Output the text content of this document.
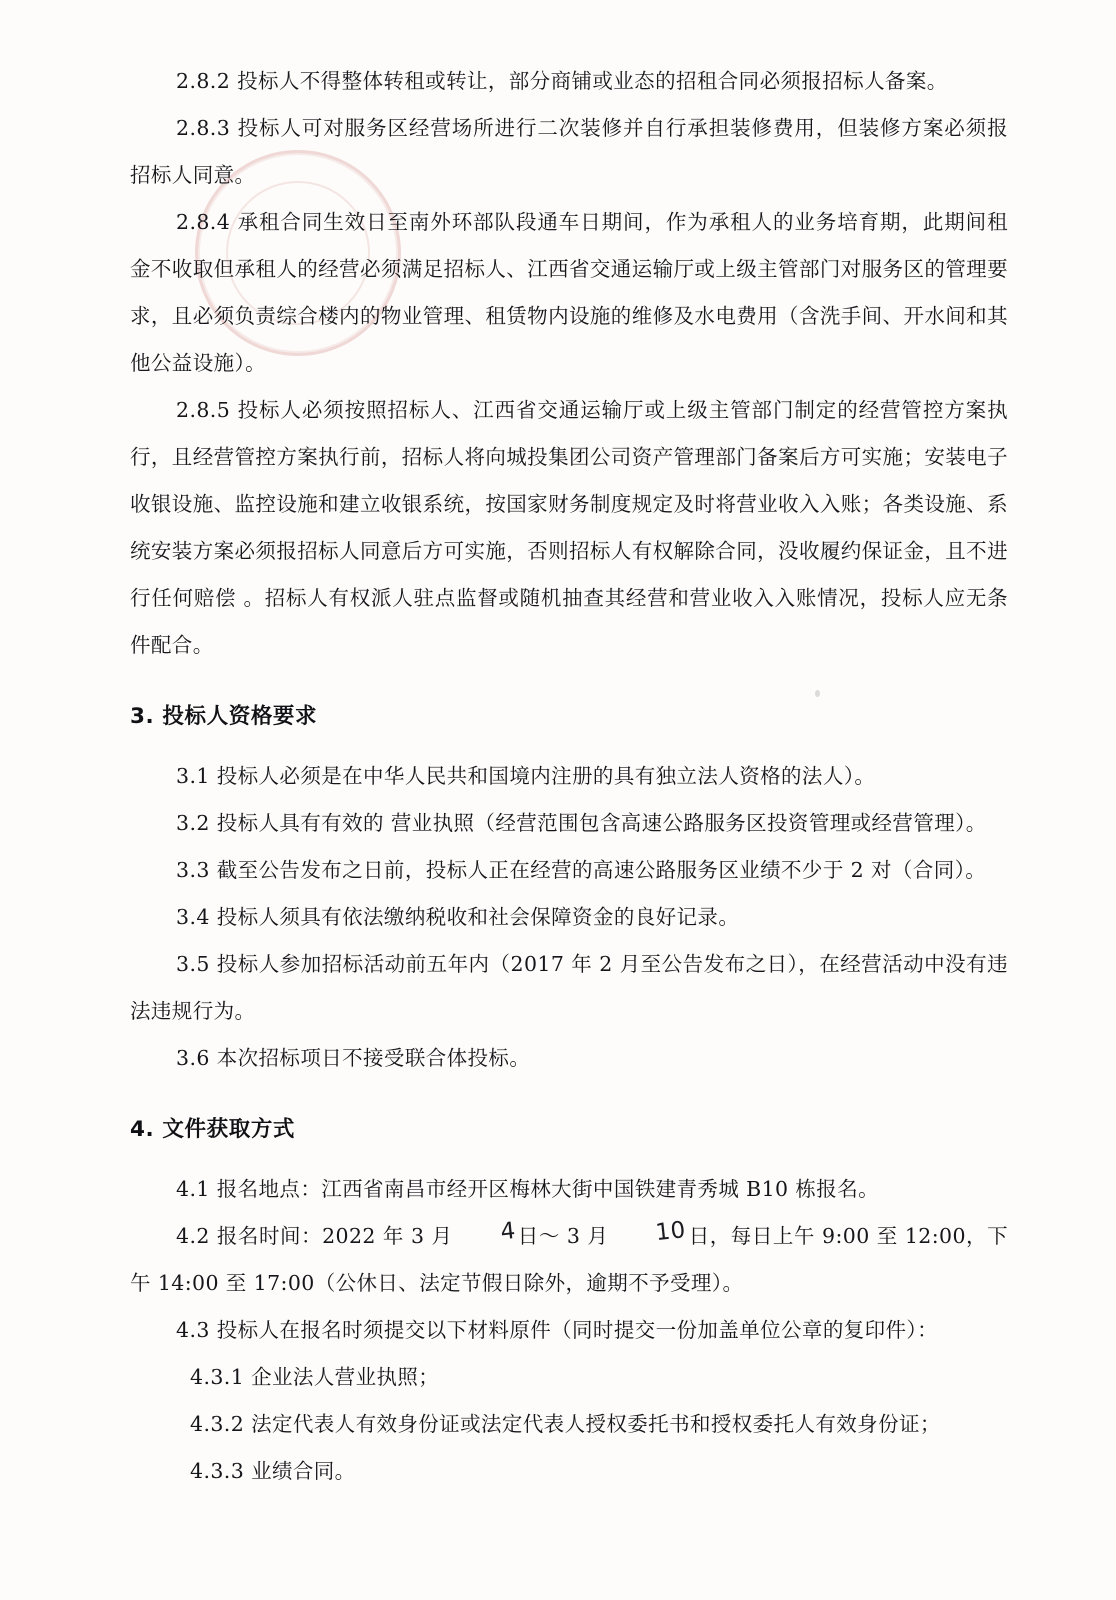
2.8.2 投标人不得整体转租或转让，部分商铺或业态的招租合同必须报招标人备案。

2.8.3 投标人可对服务区经营场所进行二次装修并自行承担装修费用，但装修方案必须报招标人同意。

2.8.4 承租合同生效日至南外环部队段通车日期间，作为承租人的业务培育期，此期间租金不收取但承租人的经营必须满足招标人、江西省交通运输厅或上级主管部门对服务区的管理要求，且必须负责综合楼内的物业管理、租赁物内设施的维修及水电费用（含洗手间、开水间和其他公益设施）。

2.8.5 投标人必须按照招标人、江西省交通运输厅或上级主管部门制定的经营管控方案执行，且经营管控方案执行前，招标人将向城投集团公司资产管理部门备案后方可实施；安装电子收银设施、监控设施和建立收银系统，按国家财务制度规定及时将营业收入入账；各类设施、系统安装方案必须报招标人同意后方可实施，否则招标人有权解除合同，没收履约保证金，且不进行任何赔偿 。招标人有权派人驻点监督或随机抽查其经营和营业收入入账情况，投标人应无条件配合。

3. 投标人资格要求

3.1 投标人必须是在中华人民共和国境内注册的具有独立法人资格的法人）。

3.2 投标人具有有效的 营业执照（经营范围包含高速公路服务区投资管理或经营管理）。

3.3 截至公告发布之日前，投标人正在经营的高速公路服务区业绩不少于 2 对（合同）。

3.4 投标人须具有依法缴纳税收和社会保障资金的良好记录。

3.5 投标人参加招标活动前五年内（2017 年 2 月至公告发布之日），在经营活动中没有违法违规行为。

3.6 本次招标项日不接受联合体投标。

4. 文件获取方式

4.1 报名地点：江西省南昌市经开区梅林大街中国铁建青秀城 B10 栋报名。

4.2 报名时间：2022 年 3 月 4日～ 3 月 10日，每日上午 9:00 至 12:00，下午 14:00 至 17:00（公休日、法定节假日除外，逾期不予受理）。

4.3 投标人在报名时须提交以下材料原件（同时提交一份加盖单位公章的复印件）：

4.3.1 企业法人营业执照；

4.3.2 法定代表人有效身份证或法定代表人授权委托书和授权委托人有效身份证；

4.3.3 业绩合同。
